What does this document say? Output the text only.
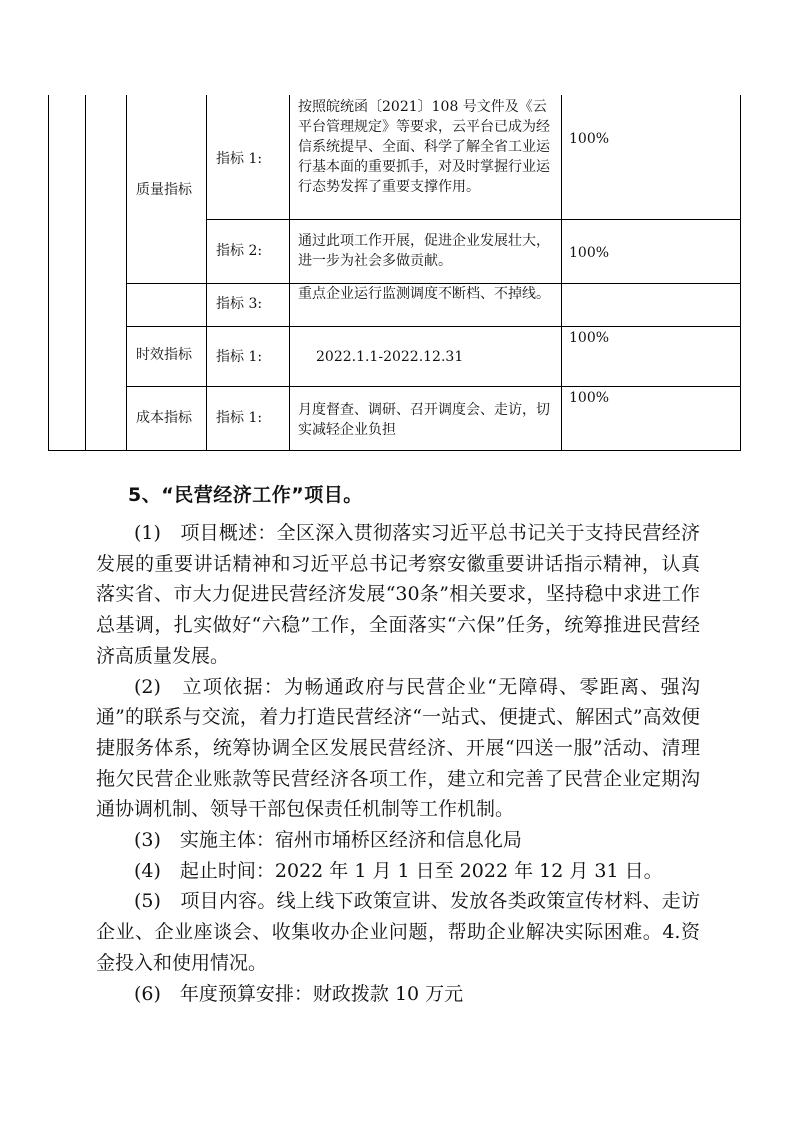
质量指标
时效指标
成本指标
指标 1:
指标 2:
指标 3:
指标 1:
指标 1:
按照皖统函〔2021〕108 号文件及《云平台管理规定》等要求，云平台已成为经信系统提早、全面、科学了解全省工业运行基本面的重要抓手，对及时掌握行业运行态势发挥了重要支撑作用。
通过此项工作开展，促进企业发展壮大，进一步为社会多做贡献。
重点企业运行监测调度不断档、不掉线。
2022.1.1-2022.12.31
月度督查、调研、召开调度会、走访，切实减轻企业负担
100%
100%
100%
100%
5、“民营经济工作”项目。

(1)　项目概述：全区深入贯彻落实习近平总书记关于支持民营经济发展的重要讲话精神和习近平总书记考察安徽重要讲话指示精神，认真落实省、市大力促进民营经济发展“30条”相关要求，坚持稳中求进工作总基调，扎实做好“六稳”工作，全面落实“六保”任务，统筹推进民营经济高质量发展。

(2)　立项依据：为畅通政府与民营企业“无障碍、零距离、强沟通”的联系与交流，着力打造民营经济“一站式、便捷式、解困式”高效便捷服务体系，统筹协调全区发展民营经济、开展“四送一服”活动、清理拖欠民营企业账款等民营经济各项工作，建立和完善了民营企业定期沟通协调机制、领导干部包保责任机制等工作机制。

(3)　实施主体：宿州市埇桥区经济和信息化局

(4)　起止时间：2022 年 1 月 1 日至 2022 年 12 月 31 日。

(5)　项目内容。线上线下政策宣讲、发放各类政策宣传材料、走访企业、企业座谈会、收集收办企业问题，帮助企业解决实际困难。4.资金投入和使用情况。

(6)　年度预算安排：财政拨款 10 万元
